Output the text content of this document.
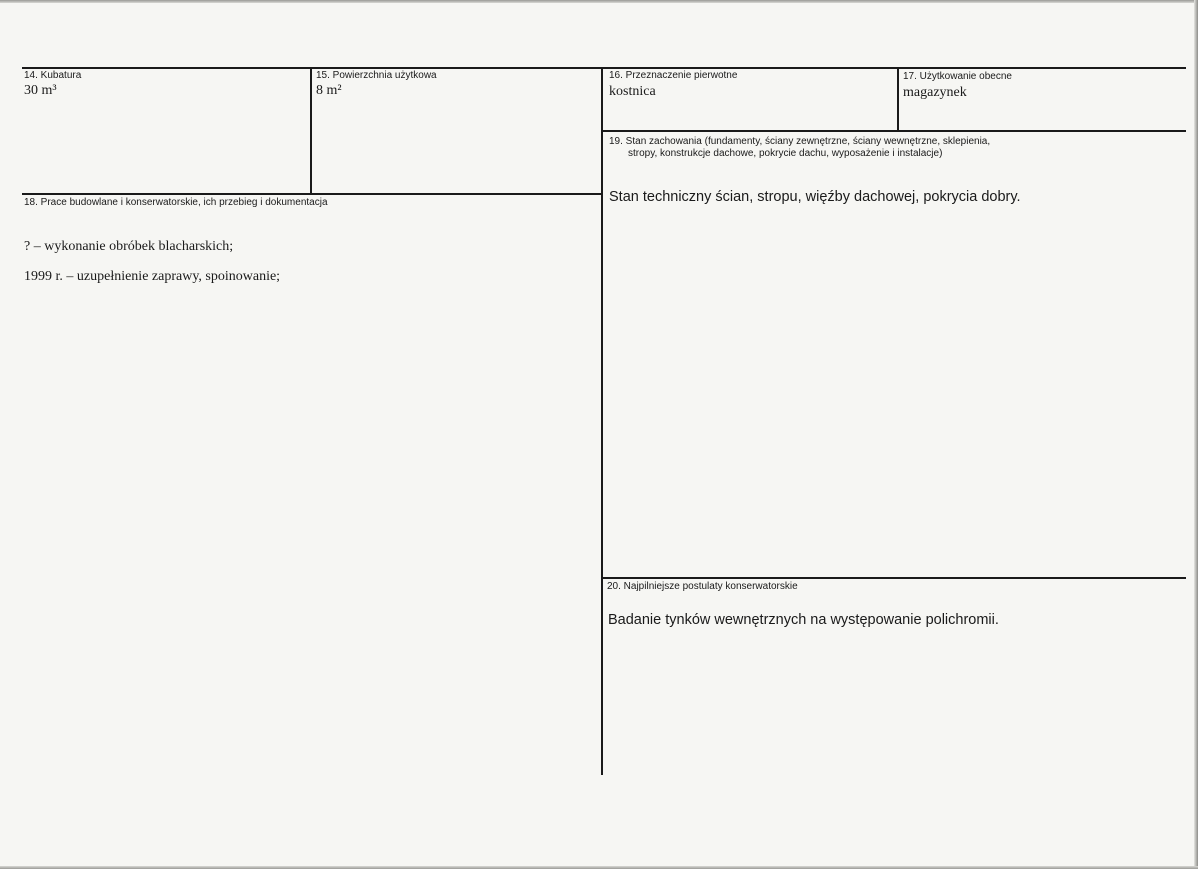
14. Kubatura
30 m³
15. Powierzchnia użytkowa
8 m²
16. Przeznaczenie pierwotne
kostnica
17. Użytkowanie obecne
magazynek
18. Prace budowlane i konserwatorskie, ich przebieg i dokumentacja
? – wykonanie obróbek blacharskich;
1999 r. – uzupełnienie zaprawy, spoinowanie;
19. Stan zachowania (fundamenty, ściany zewnętrzne, ściany wewnętrzne, sklepienia,
stropy, konstrukcje dachowe, pokrycie dachu, wyposażenie i instalacje)
Stan techniczny ścian, stropu, więźby dachowej, pokrycia dobry.
20. Najpilniejsze postulaty konserwatorskie
Badanie tynków wewnętrznych na występowanie polichromii.
